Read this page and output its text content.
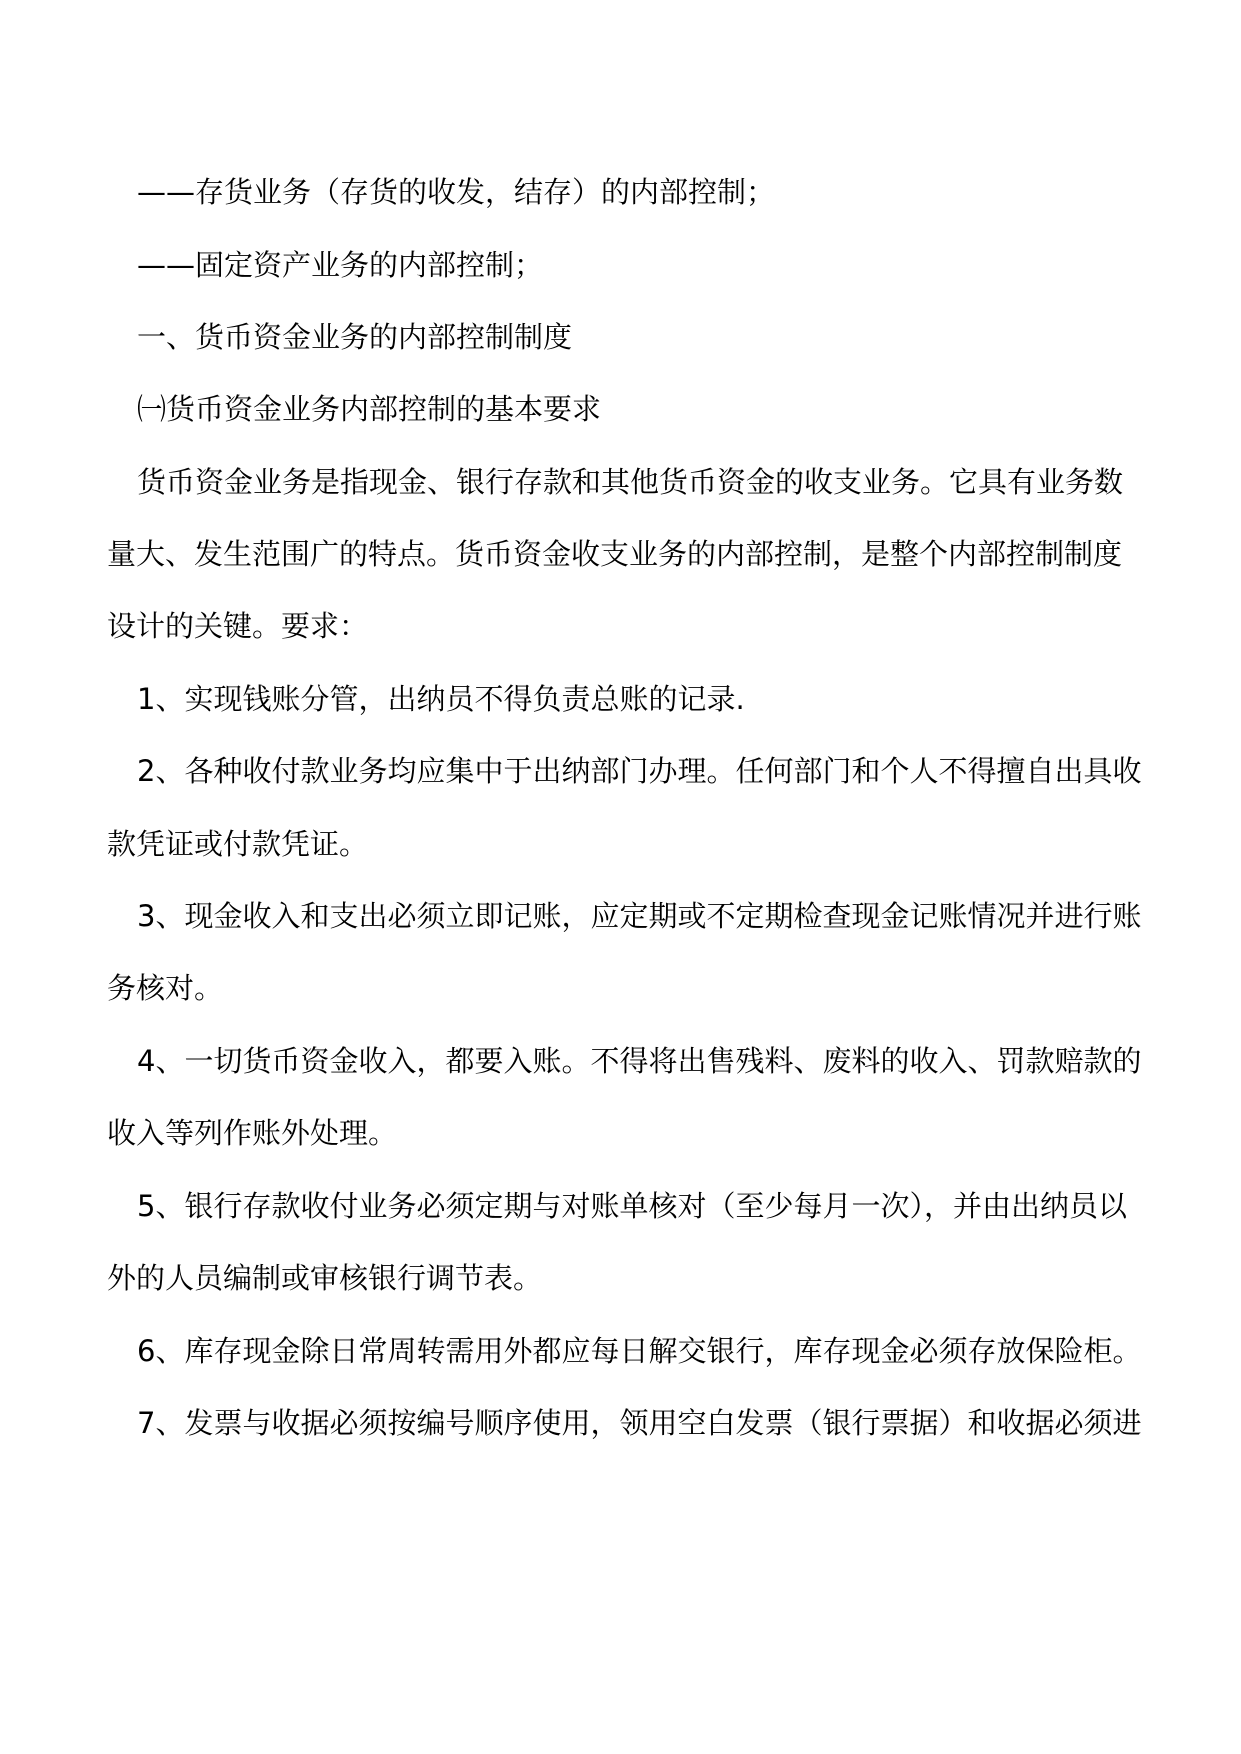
——存货业务（存货的收发，结存）的内部控制；
——固定资产业务的内部控制；
一、货币资金业务的内部控制制度
㈠货币资金业务内部控制的基本要求
货币资金业务是指现金、银行存款和其他货币资金的收支业务。它具有业务数
量大、发生范围广的特点。货币资金收支业务的内部控制，是整个内部控制制度
设计的关键。要求：
1、实现钱账分管，出纳员不得负责总账的记录.
2、各种收付款业务均应集中于出纳部门办理。任何部门和个人不得擅自出具收
款凭证或付款凭证。
3、现金收入和支出必须立即记账，应定期或不定期检查现金记账情况并进行账
务核对。
4、一切货币资金收入，都要入账。不得将出售残料、废料的收入、罚款赔款的
收入等列作账外处理。
5、银行存款收付业务必须定期与对账单核对（至少每月一次），并由出纳员以
外的人员编制或审核银行调节表。
6、库存现金除日常周转需用外都应每日解交银行，库存现金必须存放保险柜。
7、发票与收据必须按编号顺序使用，领用空白发票（银行票据）和收据必须进
